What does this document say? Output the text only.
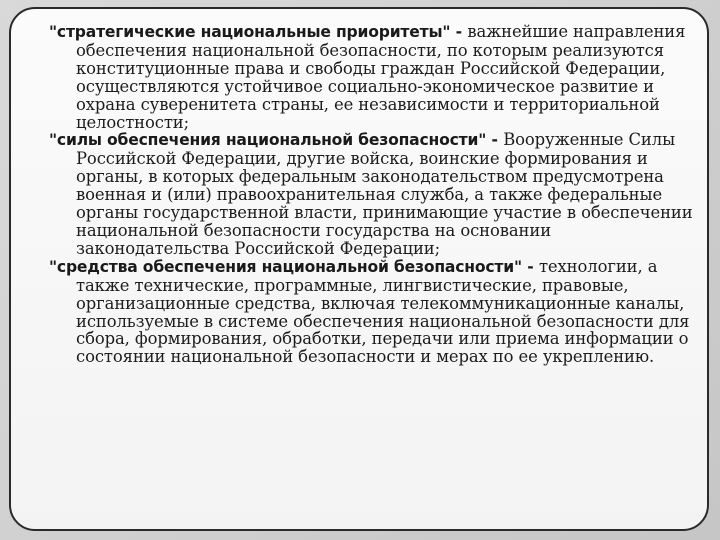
"стратегические национальные приоритеты" - важнейшие направления обеспечения национальной безопасности, по которым реализуются конституционные права и свободы граждан Российской Федерации, осуществляются устойчивое социально-экономическое развитие и охрана суверенитета страны, ее независимости и территориальной целостности;

"силы обеспечения национальной безопасности" - Вооруженные Силы Российской Федерации, другие войска, воинские формирования и органы, в которых федеральным законодательством предусмотрена военная и (или) правоохранительная служба, а также федеральные органы государственной власти, принимающие участие в обеспечении национальной безопасности государства на основании законодательства Российской Федерации;

"средства обеспечения национальной безопасности" - технологии, а также технические, программные, лингвистические, правовые, организационные средства, включая телекоммуникационные каналы, используемые в системе обеспечения национальной безопасности для сбора, формирования, обработки, передачи или приема информации о состоянии национальной безопасности и мерах по ее укреплению.
